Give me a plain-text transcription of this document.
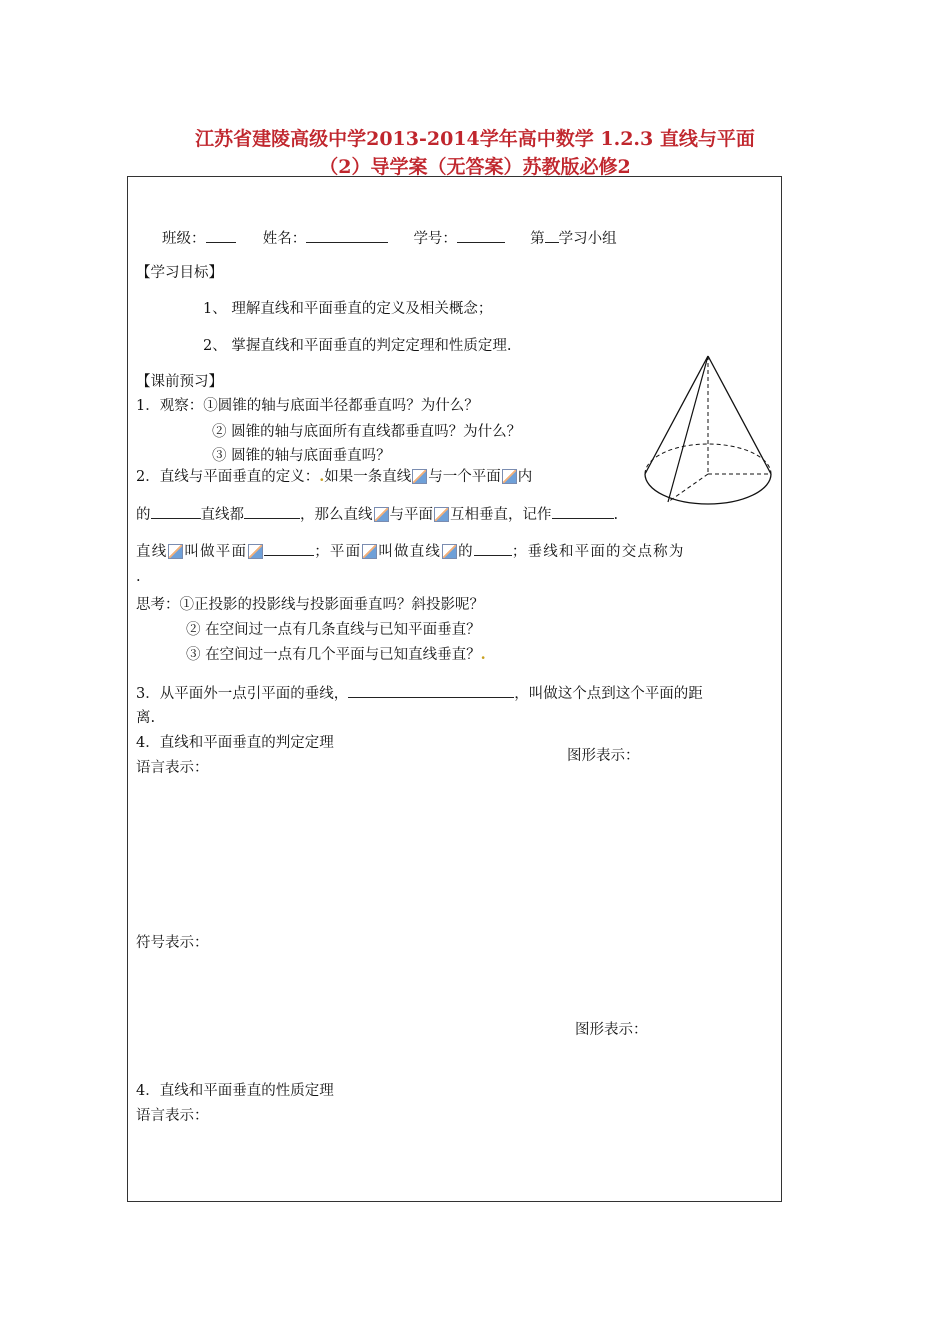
江苏省建陵高级中学2013-2014学年高中数学 1.2.3 直线与平面
（2）导学案（无答案）苏教版必修2
班级：	姓名：	学号：	第 学习小组
【学习目标】
1、 理解直线和平面垂直的定义及相关概念；
2、 掌握直线和平面垂直的判定定理和性质定理.
【课前预习】
1．观察：①圆锥的轴与底面半径都垂直吗？为什么？
② 圆锥的轴与底面所有直线都垂直吗？为什么？
③ 圆锥的轴与底面垂直吗？
2．直线与平面垂直的定义：.如果一条直线 与一个平面 内
的	直线都	，那么直线 与平面 互相垂直，记作	.
直线 叫做平面	；平面 叫做直线 的	；垂线和平面的交点称为
.
思考：①正投影的投影线与投影面垂直吗？斜投影呢？
② 在空间过一点有几条直线与已知平面垂直？
③ 在空间过一点有几个平面与已知直线垂直？.
3．从平面外一点引平面的垂线，	，叫做这个点到这个平面的距
离.
4．直线和平面垂直的判定定理
图形表示：
语言表示：
符号表示：
图形表示：
4．直线和平面垂直的性质定理
语言表示：
